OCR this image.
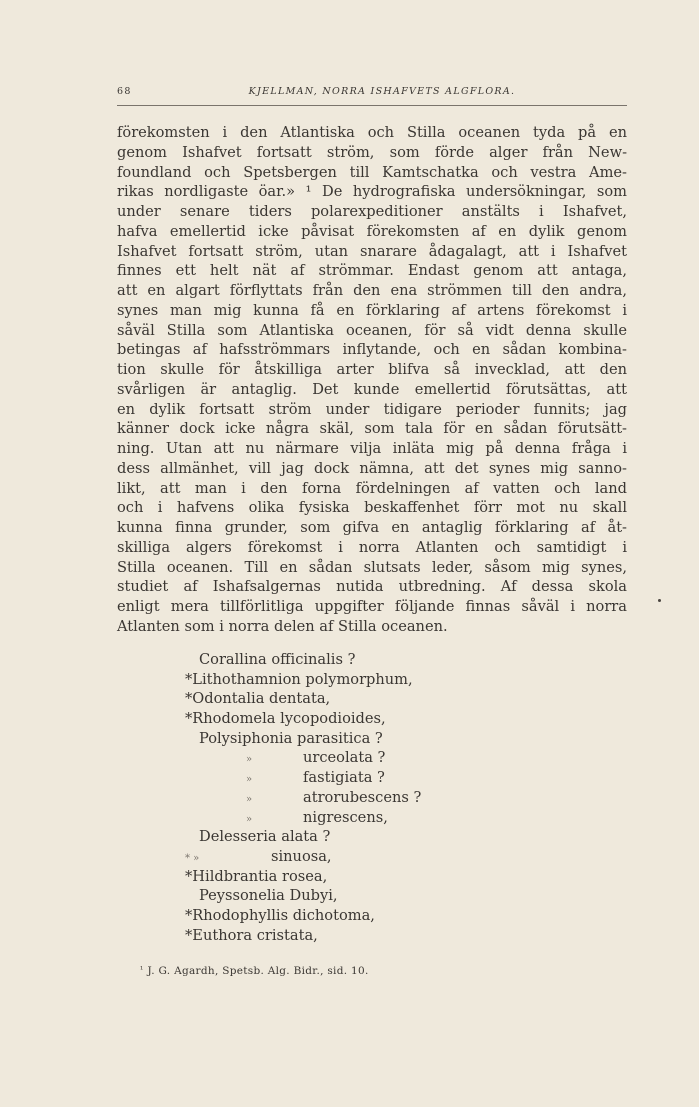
68	KJELLMAN, NORRA ISHAFVETS ALGFLORA.
förekomsten i den Atlantiska och Stilla oceanen tyda på en
genom Ishafvet fortsatt ström, som förde alger från New-
foundland och Spetsbergen till Kamtschatka och vestra Ame-
rikas nordligaste öar.» ¹ De hydrografiska undersökningar, som
under senare tiders polarexpeditioner anstälts i Ishafvet,
hafva emellertid icke påvisat förekomsten af en dylik genom
Ishafvet fortsatt ström, utan snarare ådagalagt, att i Ishafvet
finnes ett helt nät af strömmar. Endast genom att antaga,
att en algart förflyttats från den ena strömmen till den andra,
synes man mig kunna få en förklaring af artens förekomst i
såväl Stilla som Atlantiska oceanen, för så vidt denna skulle
betingas af hafsströmmars inflytande, och en sådan kombina-
tion skulle för åtskilliga arter blifva så invecklad, att den
svårligen är antaglig. Det kunde emellertid förutsättas, att
en dylik fortsatt ström under tidigare perioder funnits; jag
känner dock icke några skäl, som tala för en sådan förutsätt-
ning. Utan att nu närmare vilja inläta mig på denna fråga i
dess allmänhet, vill jag dock nämna, att det synes mig sanno-
likt, att man i den forna fördelningen af vatten och land
och i hafvens olika fysiska beskaffenhet förr mot nu skall
kunna finna grunder, som gifva en antaglig förklaring af åt-
skilliga algers förekomst i norra Atlanten och samtidigt i
Stilla oceanen. Till en sådan slutsats leder, såsom mig synes,
studiet af Ishafsalgernas nutida utbredning. Af dessa skola
enligt mera tillförlitliga uppgifter följande finnas såväl i norra
Atlanten som i norra delen af Stilla oceanen.
Corallina officinalis ?
*Lithothamnion polymorphum,
*Odontalia dentata,
*Rhodomela lycopodioides,
Polysiphonia parasitica ?
»	urceolata ?
»	fastigiata ?
»	atrorubescens ?
»	nigrescens,
Delesseria alata ?
* »	sinuosa,
*Hildbrantia rosea,
Peyssonelia Dubyi,
*Rhodophyllis dichotoma,
*Euthora cristata,
$^{^1}$ J. G. Agardh, Spetsb. Alg. Bidr., sid. 10.
